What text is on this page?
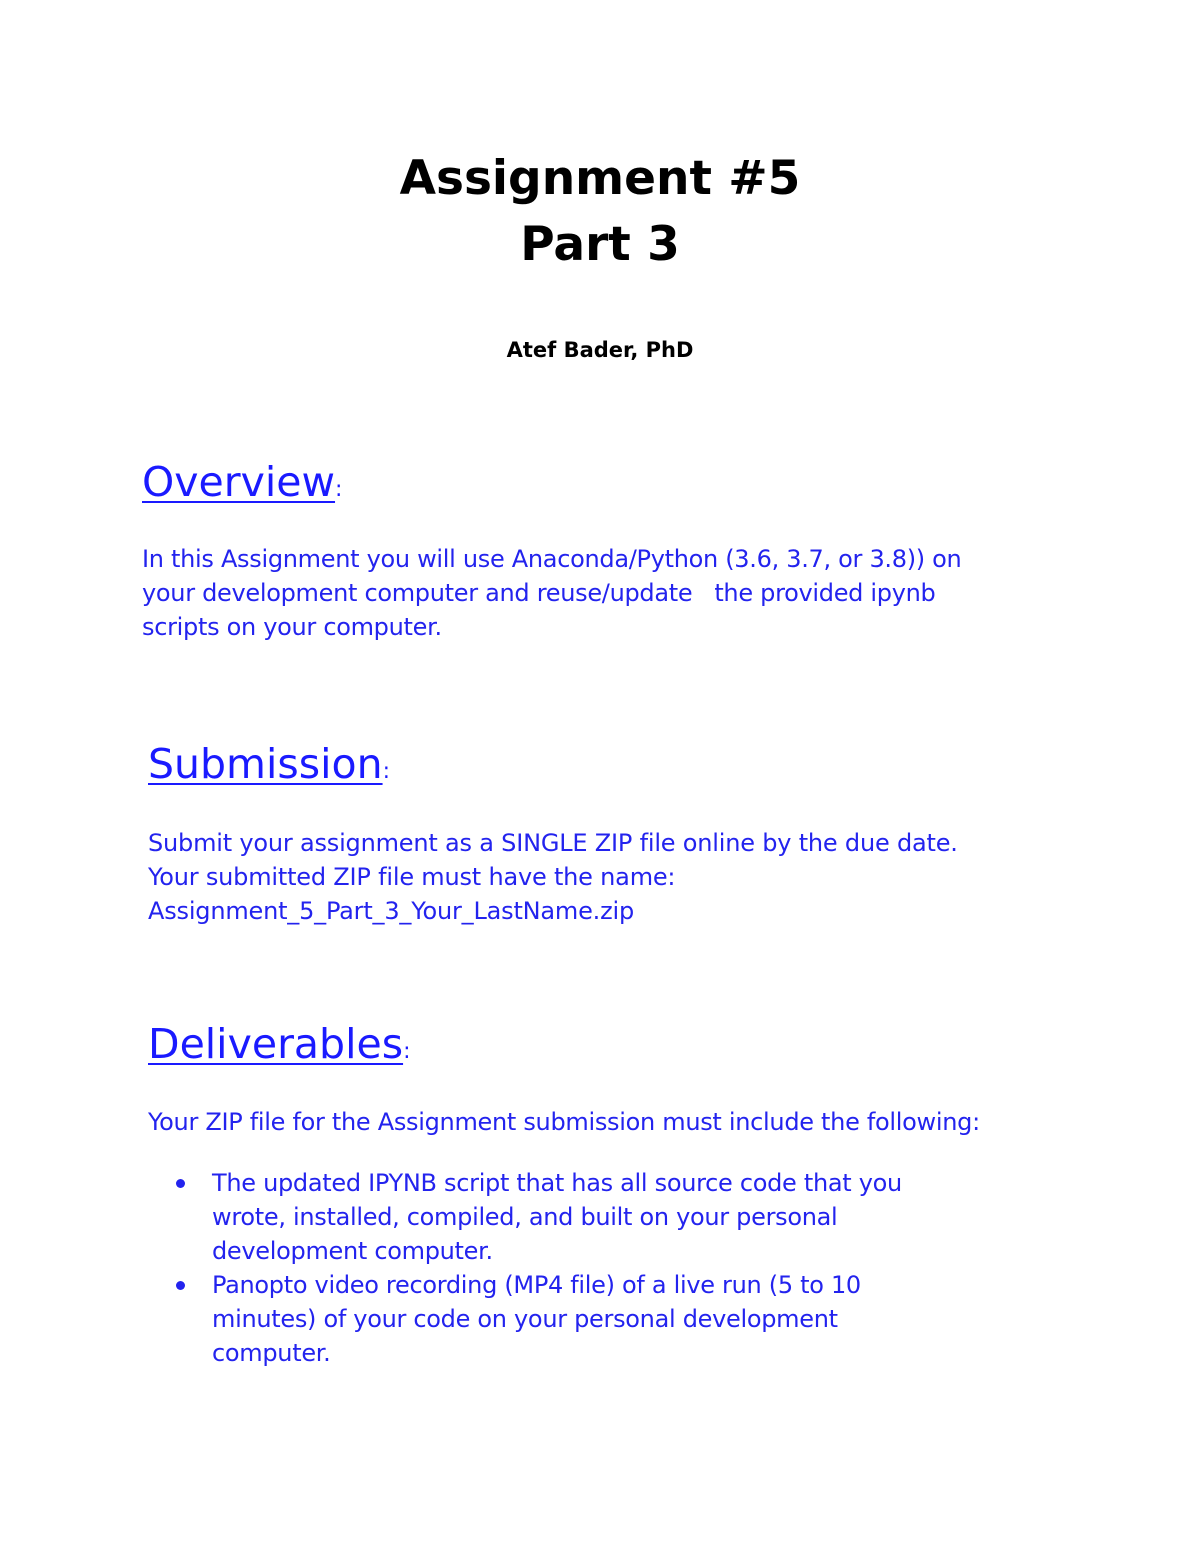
Assignment #5
Part 3

Atef Bader, PhD

Overview:
In this Assignment you will use Anaconda/Python (3.6, 3.7, or 3.8)) on
your development computer and reuse/update   the provided ipynb
scripts on your computer.
Submission:
Submit your assignment as a SINGLE ZIP file online by the due date.
Your submitted ZIP file must have the name:
Assignment_5_Part_3_Your_LastName.zip
Deliverables:
Your ZIP file for the Assignment submission must include the following:
The updated IPYNB script that has all source code that you
wrote, installed, compiled, and built on your personal
development computer.
Panopto video recording (MP4 file) of a live run (5 to 10
minutes) of your code on your personal development
computer.
